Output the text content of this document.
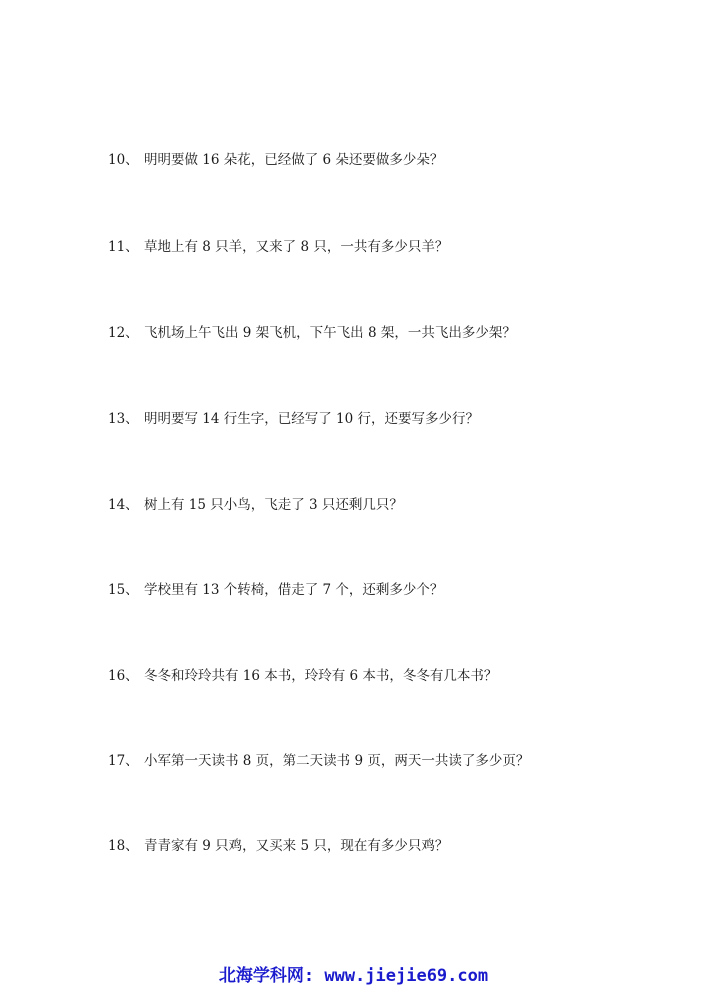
10、 明明要做 16 朵花，已经做了 6 朵还要做多少朵？
11、 草地上有 8 只羊，又来了 8 只，一共有多少只羊？
12、 飞机场上午飞出 9 架飞机，下午飞出 8 架，一共飞出多少架？
13、 明明要写 14 行生字，已经写了 10 行，还要写多少行？
14、 树上有 15 只小鸟，飞走了 3 只还剩几只？
15、 学校里有 13 个转椅，借走了 7 个，还剩多少个？
16、 冬冬和玲玲共有 16 本书，玲玲有 6 本书，冬冬有几本书？
17、 小军第一天读书 8 页，第二天读书 9 页，两天一共读了多少页？
18、 青青家有 9 只鸡，又买来 5 只，现在有多少只鸡？
北海学科网: www.jiejie69.com
